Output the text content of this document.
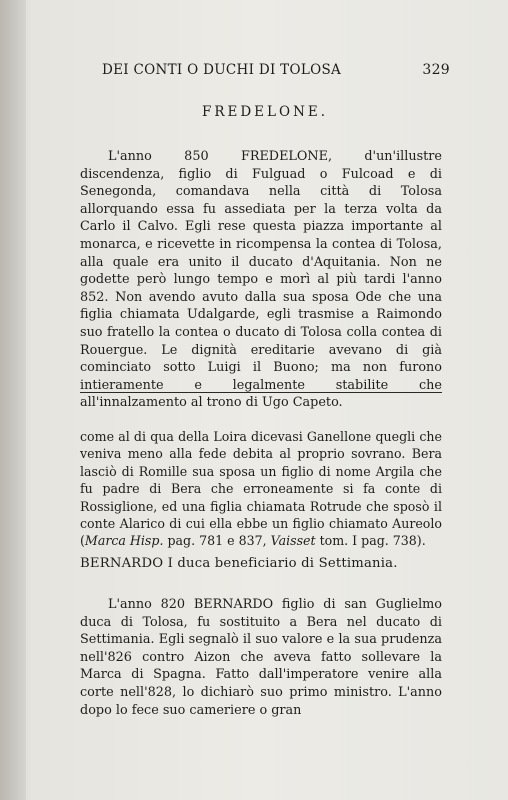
DEI CONTI O DUCHI DI TOLOSA	329
FREDELONE.

L'anno 850 FREDELONE, d'un'illustre discendenza, figlio di Fulguad o Fulcoad e di Senegonda, comandava nella città di Tolosa allorquando essa fu assediata per la terza volta da Carlo il Calvo. Egli rese questa piazza importante al monarca, e ricevette in ricompensa la contea di Tolosa, alla quale era unito il ducato d'Aquitania. Non ne godette però lungo tempo e morì al più tardi l'anno 852. Non avendo avuto dalla sua sposa Ode che una figlia chiamata Udalgarde, egli trasmise a Raimondo suo fratello la contea o ducato di Tolosa colla contea di Rouergue. Le dignità ereditarie avevano di già cominciato sotto Luigi il Buono; ma non furono intieramente e legalmente stabilite che all'innalzamento al trono di Ugo Capeto.

come al di qua della Loira dicevasi Ganellone quegli che veniva meno alla fede debita al proprio sovrano. Bera lasciò di Romille sua sposa un figlio di nome Argila che fu padre di Bera che erroneamente si fa conte di Rossiglione, ed una figlia chiamata Rotrude che sposò il conte Alarico di cui ella ebbe un figlio chiamato Aureolo (Marca Hisp. pag. 781 e 837, Vaisset tom. I pag. 738).

BERNARDO I duca beneficiario di Settimania.

L'anno 820 BERNARDO figlio di san Guglielmo duca di Tolosa, fu sostituito a Bera nel ducato di Settimania. Egli segnalò il suo valore e la sua prudenza nell'826 contro Aizon che aveva fatto sollevare la Marca di Spagna. Fatto dall'imperatore venire alla corte nell'828, lo dichiarò suo primo ministro. L'anno dopo lo fece suo cameriere o gran
